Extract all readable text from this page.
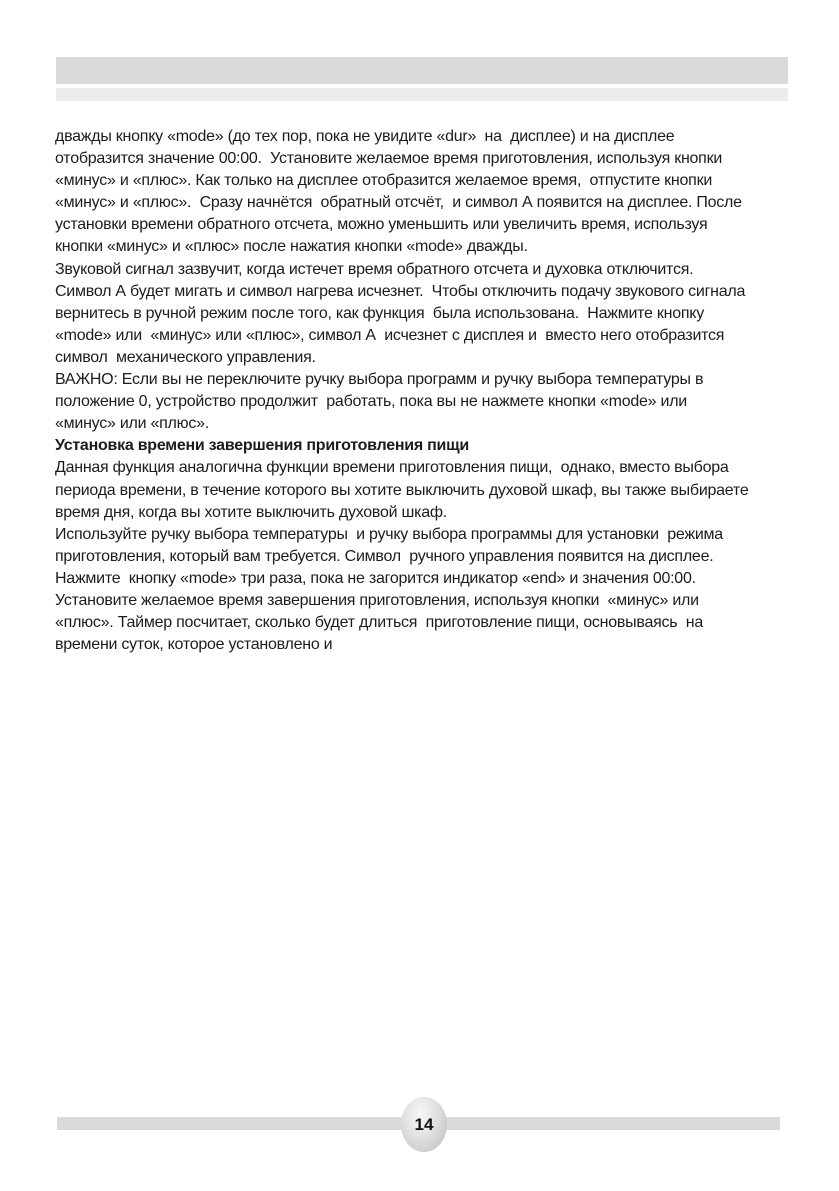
дважды кнопку «mode» (до тех пор, пока не увидите «dur»  на  дисплее) и на дисплее
отобразится значение 00:00.  Установите желаемое время приготовления, используя кнопки
«минус» и «плюс». Как только на дисплее отобразится желаемое время,  отпустите кнопки
«минус» и «плюс».  Сразу начнётся  обратный отсчёт,  и символ А появится на дисплее. После
установки времени обратного отсчета, можно уменьшить или увеличить время, используя
кнопки «минус» и «плюс» после нажатия кнопки «mode» дважды.
Звуковой сигнал зазвучит, когда истечет время обратного отсчета и духовка отключится.
Символ А будет мигать и символ нагрева исчезнет.  Чтобы отключить подачу звукового сигнала
вернитесь в ручной режим после того, как функция  была использована.  Нажмите кнопку
«mode» или  «минус» или «плюс», символ А  исчезнет с дисплея и  вместо него отобразится
символ  механического управления.
ВАЖНО: Если вы не переключите ручку выбора программ и ручку выбора температуры в
положение 0, устройство продолжит  работать, пока вы не нажмете кнопки «mode» или
«минус» или «плюс».
Установка времени завершения приготовления пищи
Данная функция аналогична функции времени приготовления пищи,  однако, вместо выбора
периода времени, в течение которого вы хотите выключить духовой шкаф, вы также выбираете
время дня, когда вы хотите выключить духовой шкаф.
Используйте ручку выбора температуры  и ручку выбора программы для установки  режима
приготовления, который вам требуется. Символ  ручного управления появится на дисплее.
Нажмите  кнопку «mode» три раза, пока не загорится индикатор «end» и значения 00:00.
Установите желаемое время завершения приготовления, используя кнопки  «минус» или
«плюс». Таймер посчитает, сколько будет длиться  приготовление пищи, основываясь  на
времени суток, которое установлено и
14
